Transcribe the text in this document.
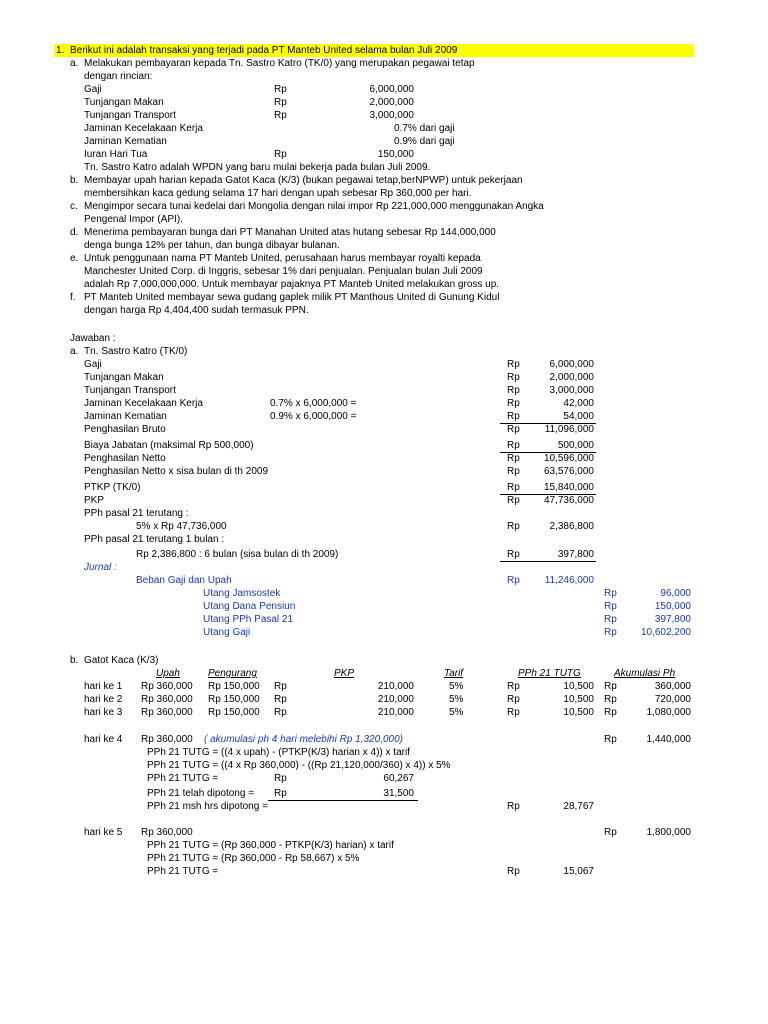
1. Berikut ini adalah transaksi yang terjadi pada PT Manteb United selama bulan Juli 2009
a. Melakukan pembayaran kepada Tn. Sastro Katro (TK/0) yang merupakan pegawai tetap
dengan rincian:
Gaji	Rp	6,000,000
Tunjangan Makan	Rp	2,000,000
Tunjangan Transport	Rp	3,000,000
Jaminan Kecelakaan Kerja	0.7% dari gaji
Jaminan Kematian	0.9% dari gaji
Iuran Hari Tua	Rp	150,000
Tn. Sastro Katro adalah WPDN yang baru mulai bekerja pada bulan Juli 2009.
b. Membayar upah harian kepada Gatot Kaca (K/3) (bukan pegawai tetap,berNPWP) untuk pekerjaan
membersihkan kaca gedung selama 17 hari dengan upah sebesar Rp 360,000 per hari.
c. Mengimpor secara tunai kedelai dari Mongolia dengan nilai impor Rp 221,000,000 menggunakan Angka
Pengenal Impor (API).
d. Menerima pembayaran bunga dari PT Manahan United atas hutang sebesar Rp 144,000,000
denga bunga 12% per tahun, dan bunga dibayar bulanan.
e. Untuk penggunaan nama PT Manteb United, perusahaan harus membayar royalti kepada
Manchester United Corp. di Inggris, sebesar 1% dari penjualan. Penjualan bulan Juli 2009
adalah Rp 7,000,000,000. Untuk membayar pajaknya PT Manteb United melakukan gross up.
f. PT Manteb United membayar sewa gudang gaplek milik PT Manthous United di Gunung Kidul
dengan harga Rp 4,404,400 sudah termasuk PPN.
Jawaban :
a. Tn. Sastro Katro (TK/0)
Gaji	Rp	6,000,000
Tunjangan Makan	Rp	2,000,000
Tunjangan Transport	Rp	3,000,000
Jaminan Kecelakaan Kerja	0.7% x 6,000,000 =	Rp	42,000
Jaminan Kematian	0.9% x 6,000,000 =	Rp	54,000
Penghasilan Bruto	Rp	11,096,000
Biaya Jabatan (maksimal Rp 500,000)	Rp	500,000
Penghasilan Netto	Rp	10,596,000
Penghasilan Netto x sisa bulan di th 2009	Rp	63,576,000
PTKP (TK/0)	Rp	15,840,000
PKP	Rp	47,736,000
PPh pasal 21 terutang :
5% x Rp 47,736,000	Rp	2,386,800
PPh pasal 21 terutang 1 bulan :
Rp 2,386,800 : 6 bulan (sisa bulan di th 2009)	Rp	397,800
Jurnal :
Beban Gaji dan Upah	Rp	11,246,000
Utang Jamsostek	Rp	96,000
Utang Dana Pensiun	Rp	150,000
Utang PPh Pasal 21	Rp	397,800
Utang Gaji	Rp	10,602,200
b. Gatot Kaca (K/3)
Upah	Pengurang	PKP	Tarif	PPh 21 TUTG	Akumulasi Ph
hari ke 1 Rp 360,000 Rp 150,000 Rp	210,000	5%	Rp	10,500 Rp	360,000
hari ke 2 Rp 360,000 Rp 150,000 Rp	210,000	5%	Rp	10,500 Rp	720,000
hari ke 3 Rp 360,000 Rp 150,000 Rp	210,000	5%	Rp	10,500 Rp	1,080,000
hari ke 4 Rp 360,000 ( akumulasi ph 4 hari melebihi Rp 1,320,000)	Rp	1,440,000
PPh 21 TUTG = ((4 x upah) - (PTKP(K/3) harian x 4)) x tarif
PPh 21 TUTG = ((4 x Rp 360,000) - ((Rp 21,120,000/360) x 4)) x 5%
PPh 21 TUTG =	Rp	60,267
PPh 21 telah dipotong = Rp	31,500
PPh 21 msh hrs dipotong =	Rp	28,767
hari ke 5 Rp 360,000	Rp	1,800,000
PPh 21 TUTG = (Rp 360,000 - PTKP(K/3) harian) x tarif
PPh 21 TUTG = (Rp 360,000 - Rp 58,667) x 5%
PPh 21 TUTG =	Rp	15,067
